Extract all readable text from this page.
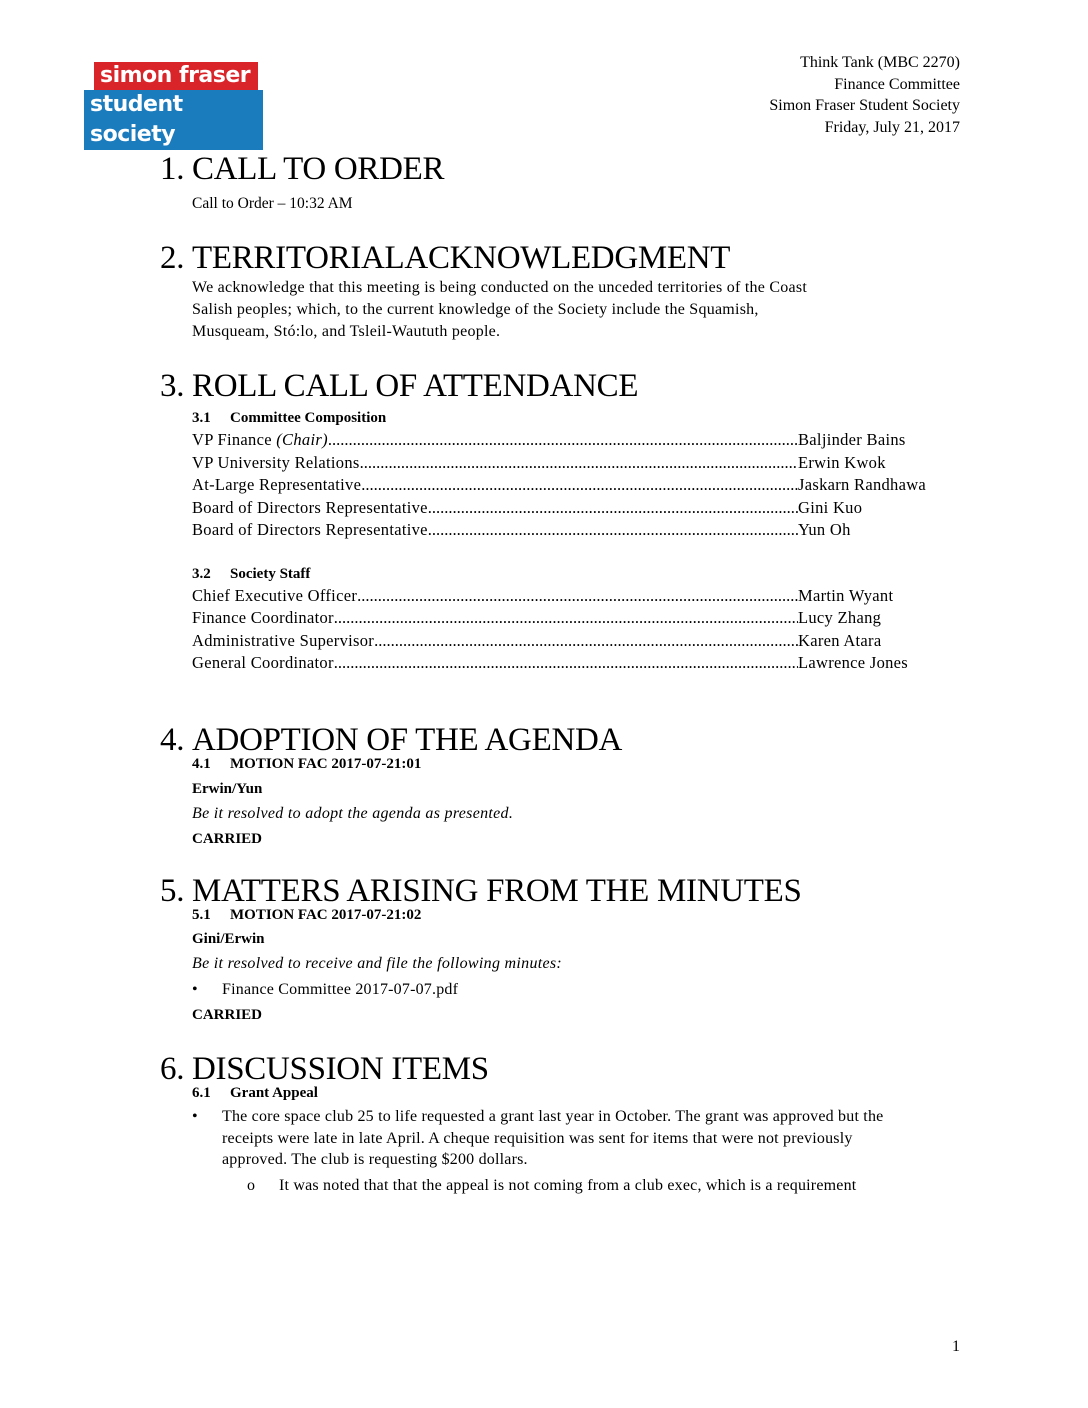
simon fraser
student society
Think Tank (MBC 2270)
Finance Committee
Simon Fraser Student Society
Friday, July 21, 2017
1. CALL TO ORDER
Call to Order – 10:32 AM
2. TERRITORIALACKNOWLEDGMENT
We acknowledge that this meeting is being conducted on the unceded territories of the Coast
Salish peoples; which, to the current knowledge of the Society include the Squamish,
Musqueam, Stó:lo, and Tsleil-Waututh people.
3. ROLL CALL OF ATTENDANCE
3.1 Committee Composition
VP Finance (Chair) .....	Baljinder Bains
VP University Relations .....	Erwin Kwok
At-Large Representative .....	Jaskarn Randhawa
Board of Directors Representative .....	Gini Kuo
Board of Directors Representative .....	Yun Oh
3.2 Society Staff
Chief Executive Officer .....	Martin Wyant
Finance Coordinator .....	Lucy Zhang
Administrative Supervisor .....	Karen Atara
General Coordinator .....	Lawrence Jones
4. ADOPTION OF THE AGENDA
4.1 MOTION FAC 2017-07-21:01
Erwin/Yun
Be it resolved to adopt the agenda as presented.
CARRIED
5. MATTERS ARISING FROM THE MINUTES
5.1 MOTION FAC 2017-07-21:02
Gini/Erwin
Be it resolved to receive and file the following minutes:
•	Finance Committee 2017-07-07.pdf
CARRIED
6. DISCUSSION ITEMS
6.1 Grant Appeal
•	The core space club 25 to life requested a grant last year in October. The grant was approved but the receipts were late in late April. A cheque requisition was sent for items that were not previously approved. The club is requesting $200 dollars.
o	It was noted that that the appeal is not coming from a club exec, which is a requirement
1
